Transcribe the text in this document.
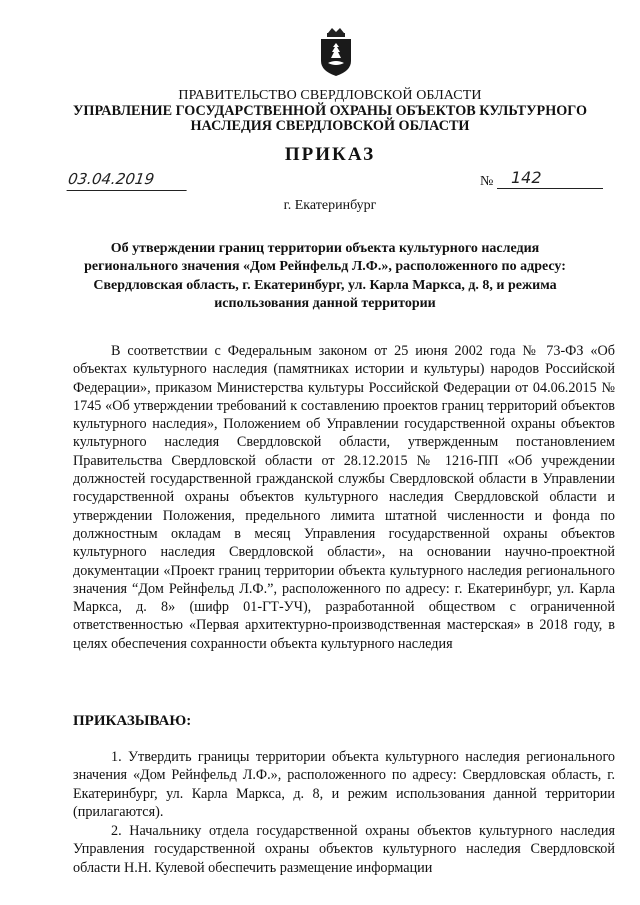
ПРАВИТЕЛЬСТВО СВЕРДЛОВСКОЙ ОБЛАСТИ
УПРАВЛЕНИЕ ГОСУДАРСТВЕННОЙ ОХРАНЫ ОБЪЕКТОВ КУЛЬТУРНОГО НАСЛЕДИЯ СВЕРДЛОВСКОЙ ОБЛАСТИ
ПРИКАЗ
03.04.2019	№	142
г. Екатеринбург
Об утверждении границ территории объекта культурного наследия регионального значения «Дом Рейнфельд Л.Ф.», расположенного по адресу: Свердловская область, г. Екатеринбург, ул. Карла Маркса, д. 8, и режима использования данной территории
В соответствии с Федеральным законом от 25 июня 2002 года № 73-ФЗ «Об объектах культурного наследия (памятниках истории и культуры) народов Российской Федерации», приказом Министерства культуры Российской Федерации от 04.06.2015 № 1745 «Об утверждении требований к составлению проектов границ территорий объектов культурного наследия», Положением об Управлении государственной охраны объектов культурного наследия Свердловской области, утвержденным постановлением Правительства Свердловской области от 28.12.2015 № 1216-ПП «Об учреждении должностей государственной гражданской службы Свердловской области в Управлении государственной охраны объектов культурного наследия Свердловской области и утверждении Положения, предельного лимита штатной численности и фонда по должностным окладам в месяц Управления государственной охраны объектов культурного наследия Свердловской области», на основании научно-проектной документации «Проект границ территории объекта культурного наследия регионального значения “Дом Рейнфельд Л.Ф.”, расположенного по адресу: г. Екатеринбург, ул. Карла Маркса, д. 8» (шифр 01-ГТ-УЧ), разработанной обществом с ограниченной ответственностью «Первая архитектурно-производственная мастерская» в 2018 году, в целях обеспечения сохранности объекта культурного наследия
ПРИКАЗЫВАЮ:
1. Утвердить границы территории объекта культурного наследия регионального значения «Дом Рейнфельд Л.Ф.», расположенного по адресу: Свердловская область, г. Екатеринбург, ул. Карла Маркса, д. 8, и режим использования данной территории (прилагаются).
2. Начальнику отдела государственной охраны объектов культурного наследия Управления государственной охраны объектов культурного наследия Свердловской области Н.Н. Кулевой обеспечить размещение информации
